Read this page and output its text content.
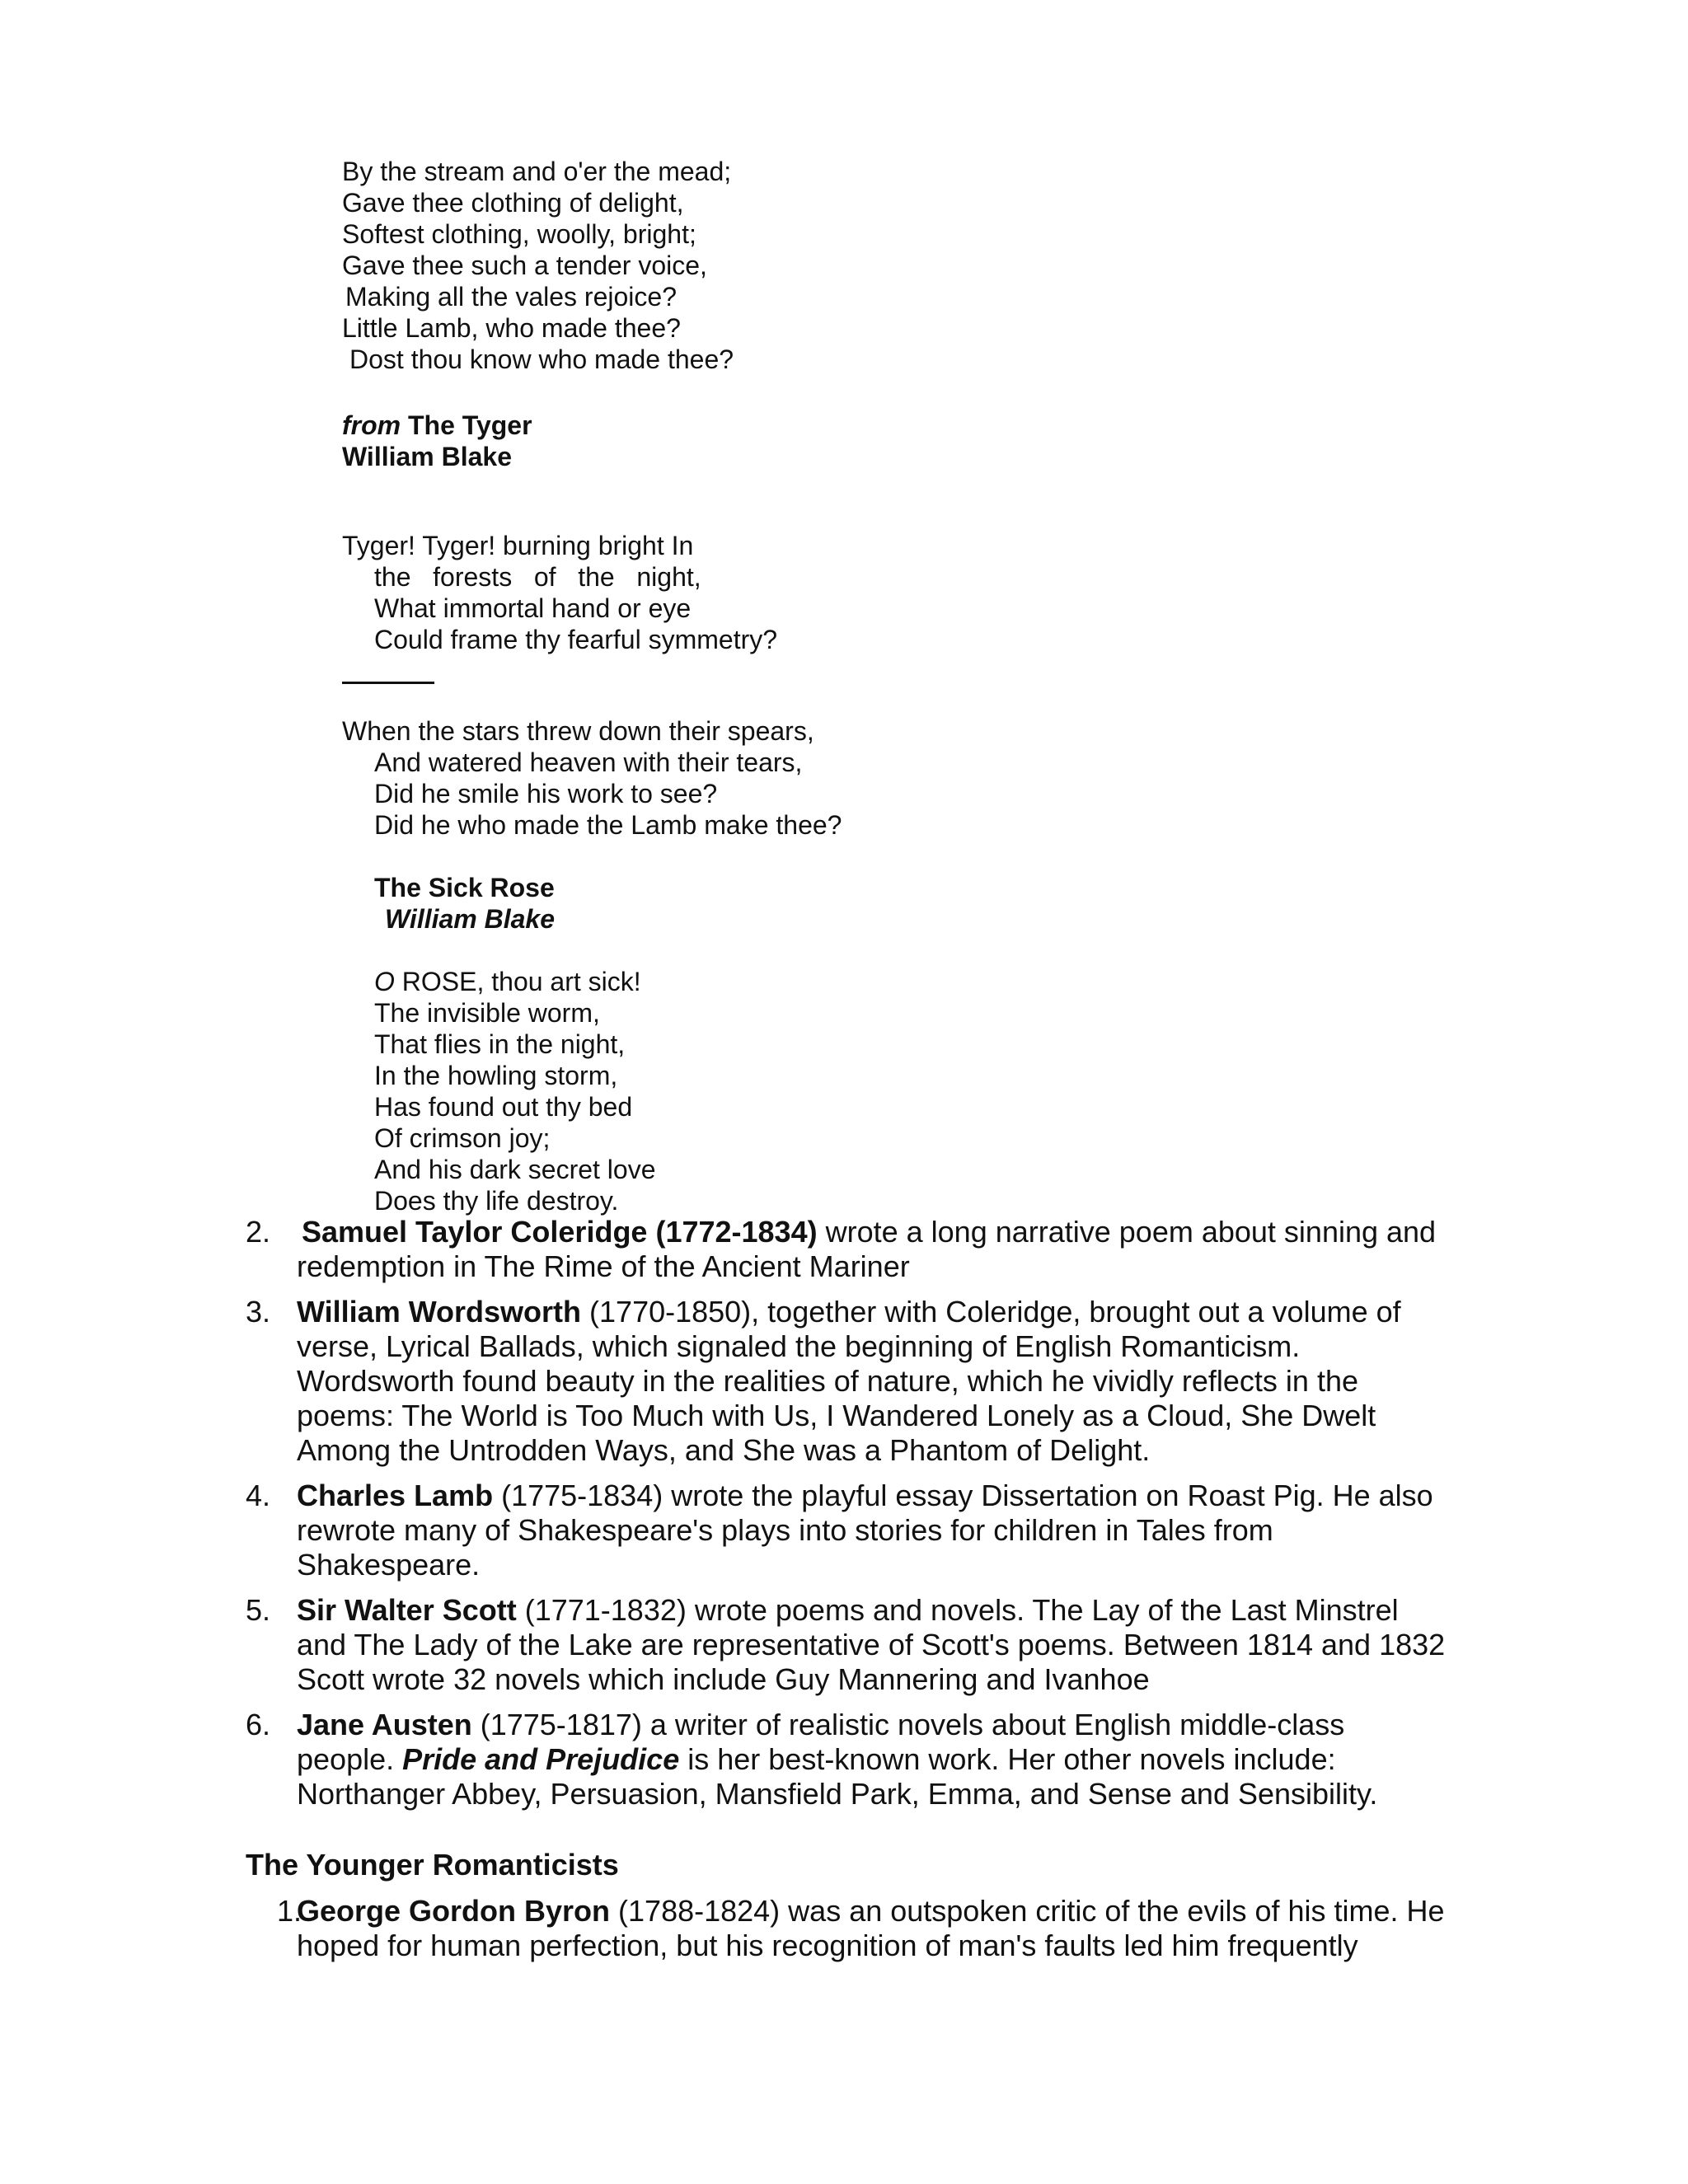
By the stream and o'er the mead;
Gave thee clothing of delight,
Softest clothing, woolly, bright;
Gave thee such a tender voice,
Making all the vales rejoice?
Little Lamb, who made thee?
Dost thou know who made thee?
from The Tyger
William Blake
Tyger! Tyger! burning bright In
the   forests   of   the   night,
What immortal hand or eye
Could frame thy fearful symmetry?
When the stars threw down their spears,
And watered heaven with their tears,
Did he smile his work to see?
Did he who made the Lamb make thee?
The Sick Rose
William Blake
O ROSE, thou art sick!
The invisible worm,
That flies in the night,
In the howling storm,
Has found out thy bed
Of crimson joy;
And his dark secret love
Does thy life destroy.
2. Samuel Taylor Coleridge (1772-1834) wrote a long narrative poem about sinning and redemption in The Rime of the Ancient Mariner
3. William Wordsworth (1770-1850), together with Coleridge, brought out a volume of verse, Lyrical Ballads, which signaled the beginning of English Romanticism. Wordsworth found beauty in the realities of nature, which he vividly reflects in the poems: The World is Too Much with Us, I Wandered Lonely as a Cloud, She Dwelt Among the Untrodden Ways, and She was a Phantom of Delight.
4. Charles Lamb (1775-1834) wrote the playful essay Dissertation on Roast Pig. He also rewrote many of Shakespeare's plays into stories for children in Tales from Shakespeare.
5. Sir Walter Scott (1771-1832) wrote poems and novels. The Lay of the Last Minstrel and The Lady of the Lake are representative of Scott's poems. Between 1814 and 1832 Scott wrote 32 novels which include Guy Mannering and Ivanhoe
6. Jane Austen (1775-1817) a writer of realistic novels about English middle-class people. Pride and Prejudice is her best-known work. Her other novels include: Northanger Abbey, Persuasion, Mansfield Park, Emma, and Sense and Sensibility.
The Younger Romanticists
1.
George Gordon Byron (1788-1824) was an outspoken critic of the evils of his time. He hoped for human perfection, but his recognition of man's faults led him frequently
